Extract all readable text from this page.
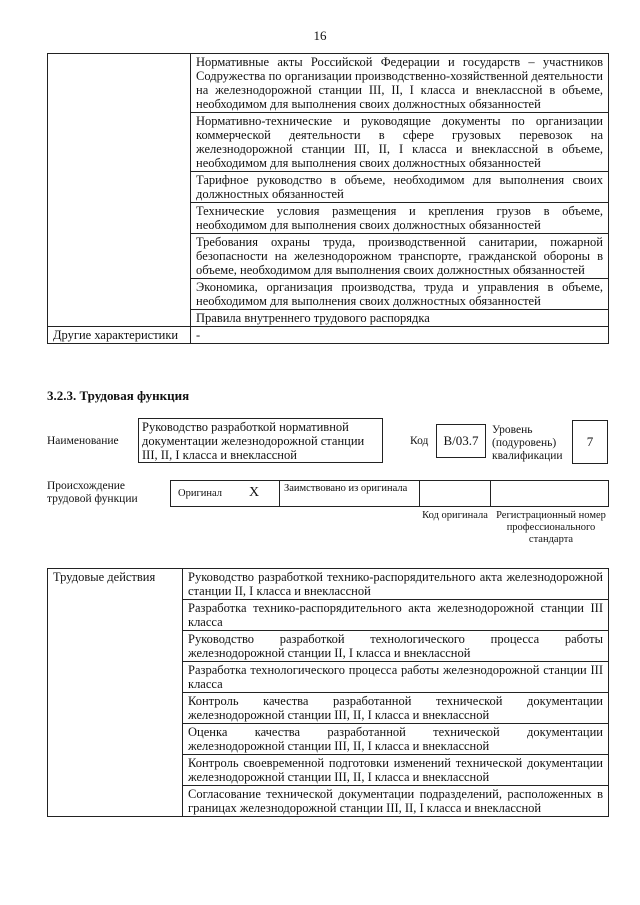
16
	Нормативные акты Российской Федерации и государств – участников Содружества по организации производственно-хозяйственной деятельности на железнодорожной станции III, II, I класса и внеклассной в объеме, необходимом для выполнения своих должностных обязанностей
	Нормативно-технические и руководящие документы по организации коммерческой деятельности в сфере грузовых перевозок на железнодорожной станции III, II, I класса и внеклассной в объеме, необходимом для выполнения своих должностных обязанностей
	Тарифное руководство в объеме, необходимом для выполнения своих должностных обязанностей
	Технические условия размещения и крепления грузов в объеме, необходимом для выполнения своих должностных обязанностей
	Требования охраны труда, производственной санитарии, пожарной безопасности на железнодорожном транспорте, гражданской обороны в объеме, необходимом для выполнения своих должностных обязанностей
	Экономика, организация производства, труда и управления в объеме, необходимом для выполнения своих должностных обязанностей
	Правила внутреннего трудового распорядка
Другие характеристики	-
3.2.3. Трудовая функция
Наименование
Руководство разработкой нормативной документации железнодорожной станции III, II, I класса и внеклассной
Код	B/03.7
Уровень (подуровень) квалификации
7
Происхождение трудовой функции	Оригинал X	Заимствовано из оригинала
Код оригинала Регистрационный номер профессионального стандарта
Трудовые действия	Руководство разработкой технико-распорядительного акта железнодорожной станции II, I класса и внеклассной
Разработка технико-распорядительного акта железнодорожной станции III класса
Руководство разработкой технологического процесса работы железнодорожной станции II, I класса и внеклассной
Разработка технологического процесса работы железнодорожной станции III класса
Контроль качества разработанной технической документации железнодорожной станции III, II, I класса и внеклассной
Оценка качества разработанной технической документации железнодорожной станции III, II, I класса и внеклассной
Контроль своевременной подготовки изменений технической документации железнодорожной станции III, II, I класса и внеклассной
Согласование технической документации подразделений, расположенных в границах железнодорожной станции III, II, I класса и внеклассной
